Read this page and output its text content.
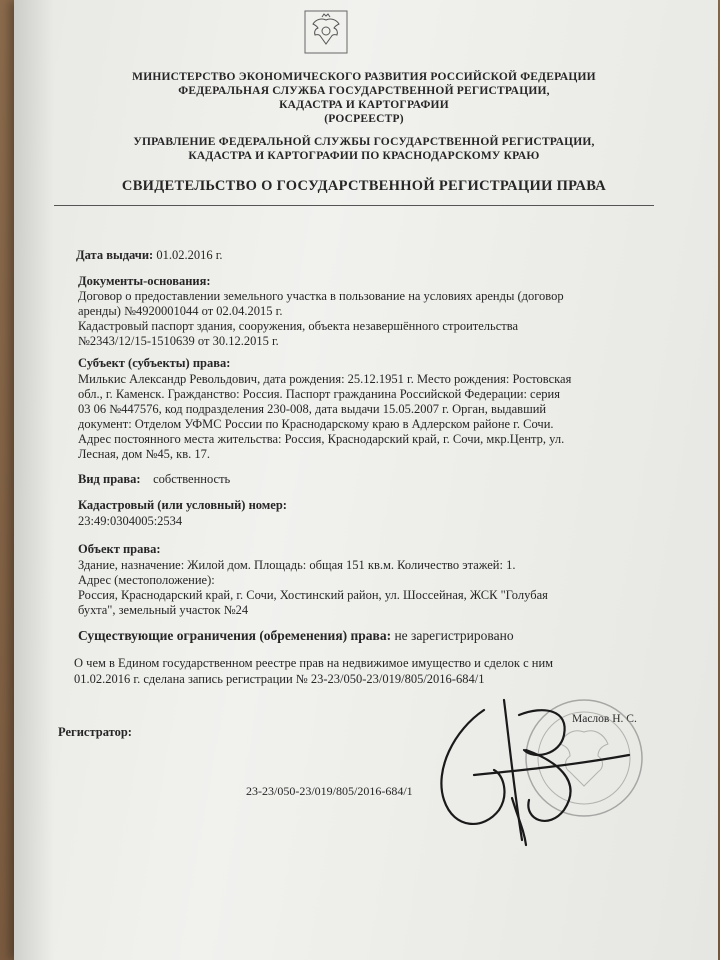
МИНИСТЕРСТВО ЭКОНОМИЧЕСКОГО РАЗВИТИЯ РОССИЙСКОЙ ФЕДЕРАЦИИ
ФЕДЕРАЛЬНАЯ СЛУЖБА ГОСУДАРСТВЕННОЙ РЕГИСТРАЦИИ,
КАДАСТРА И КАРТОГРАФИИ
(РОСРЕЕСТР)
УПРАВЛЕНИЕ ФЕДЕРАЛЬНОЙ СЛУЖБЫ ГОСУДАРСТВЕННОЙ РЕГИСТРАЦИИ,
КАДАСТРА И КАРТОГРАФИИ ПО КРАСНОДАРСКОМУ КРАЮ
СВИДЕТЕЛЬСТВО О ГОСУДАРСТВЕННОЙ РЕГИСТРАЦИИ ПРАВА
Дата выдачи: 01.02.2016 г.
Документы-основания:
Договор о предоставлении земельного участка в пользование на условиях аренды (договор
аренды) №4920001044 от 02.04.2015 г.
Кадастровый паспорт здания, сооружения, объекта незавершённого строительства
№2343/12/15-1510639 от 30.12.2015 г.
Субъект (субъекты) права:
Милькис Александр Револьдович, дата рождения: 25.12.1951 г. Место рождения: Ростовская
обл., г. Каменск. Гражданство: Россия. Паспорт гражданина Российской Федерации: серия
03 06 №447576, код подразделения 230-008, дата выдачи 15.05.2007 г. Орган, выдавший
документ: Отделом УФМС России по Краснодарскому краю в Адлерском районе г. Сочи.
Адрес постоянного места жительства: Россия, Краснодарский край, г. Сочи, мкр.Центр, ул.
Лесная, дом №45, кв. 17.
Вид права: собственность
Кадастровый (или условный) номер:
23:49:0304005:2534
Объект права:
Здание, назначение: Жилой дом. Площадь: общая 151 кв.м. Количество этажей: 1.
Адрес (местоположение):
Россия, Краснодарский край, г. Сочи, Хостинский район, ул. Шоссейная, ЖСК "Голубая
бухта", земельный участок №24
Существующие ограничения (обременения) права: не зарегистрировано
О чем в Едином государственном реестре прав на недвижимое имущество и сделок с ним
01.02.2016 г. сделана запись регистрации № 23-23/050-23/019/805/2016-684/1
Регистратор:
Маслов Н. С.
23-23/050-23/019/805/2016-684/1
